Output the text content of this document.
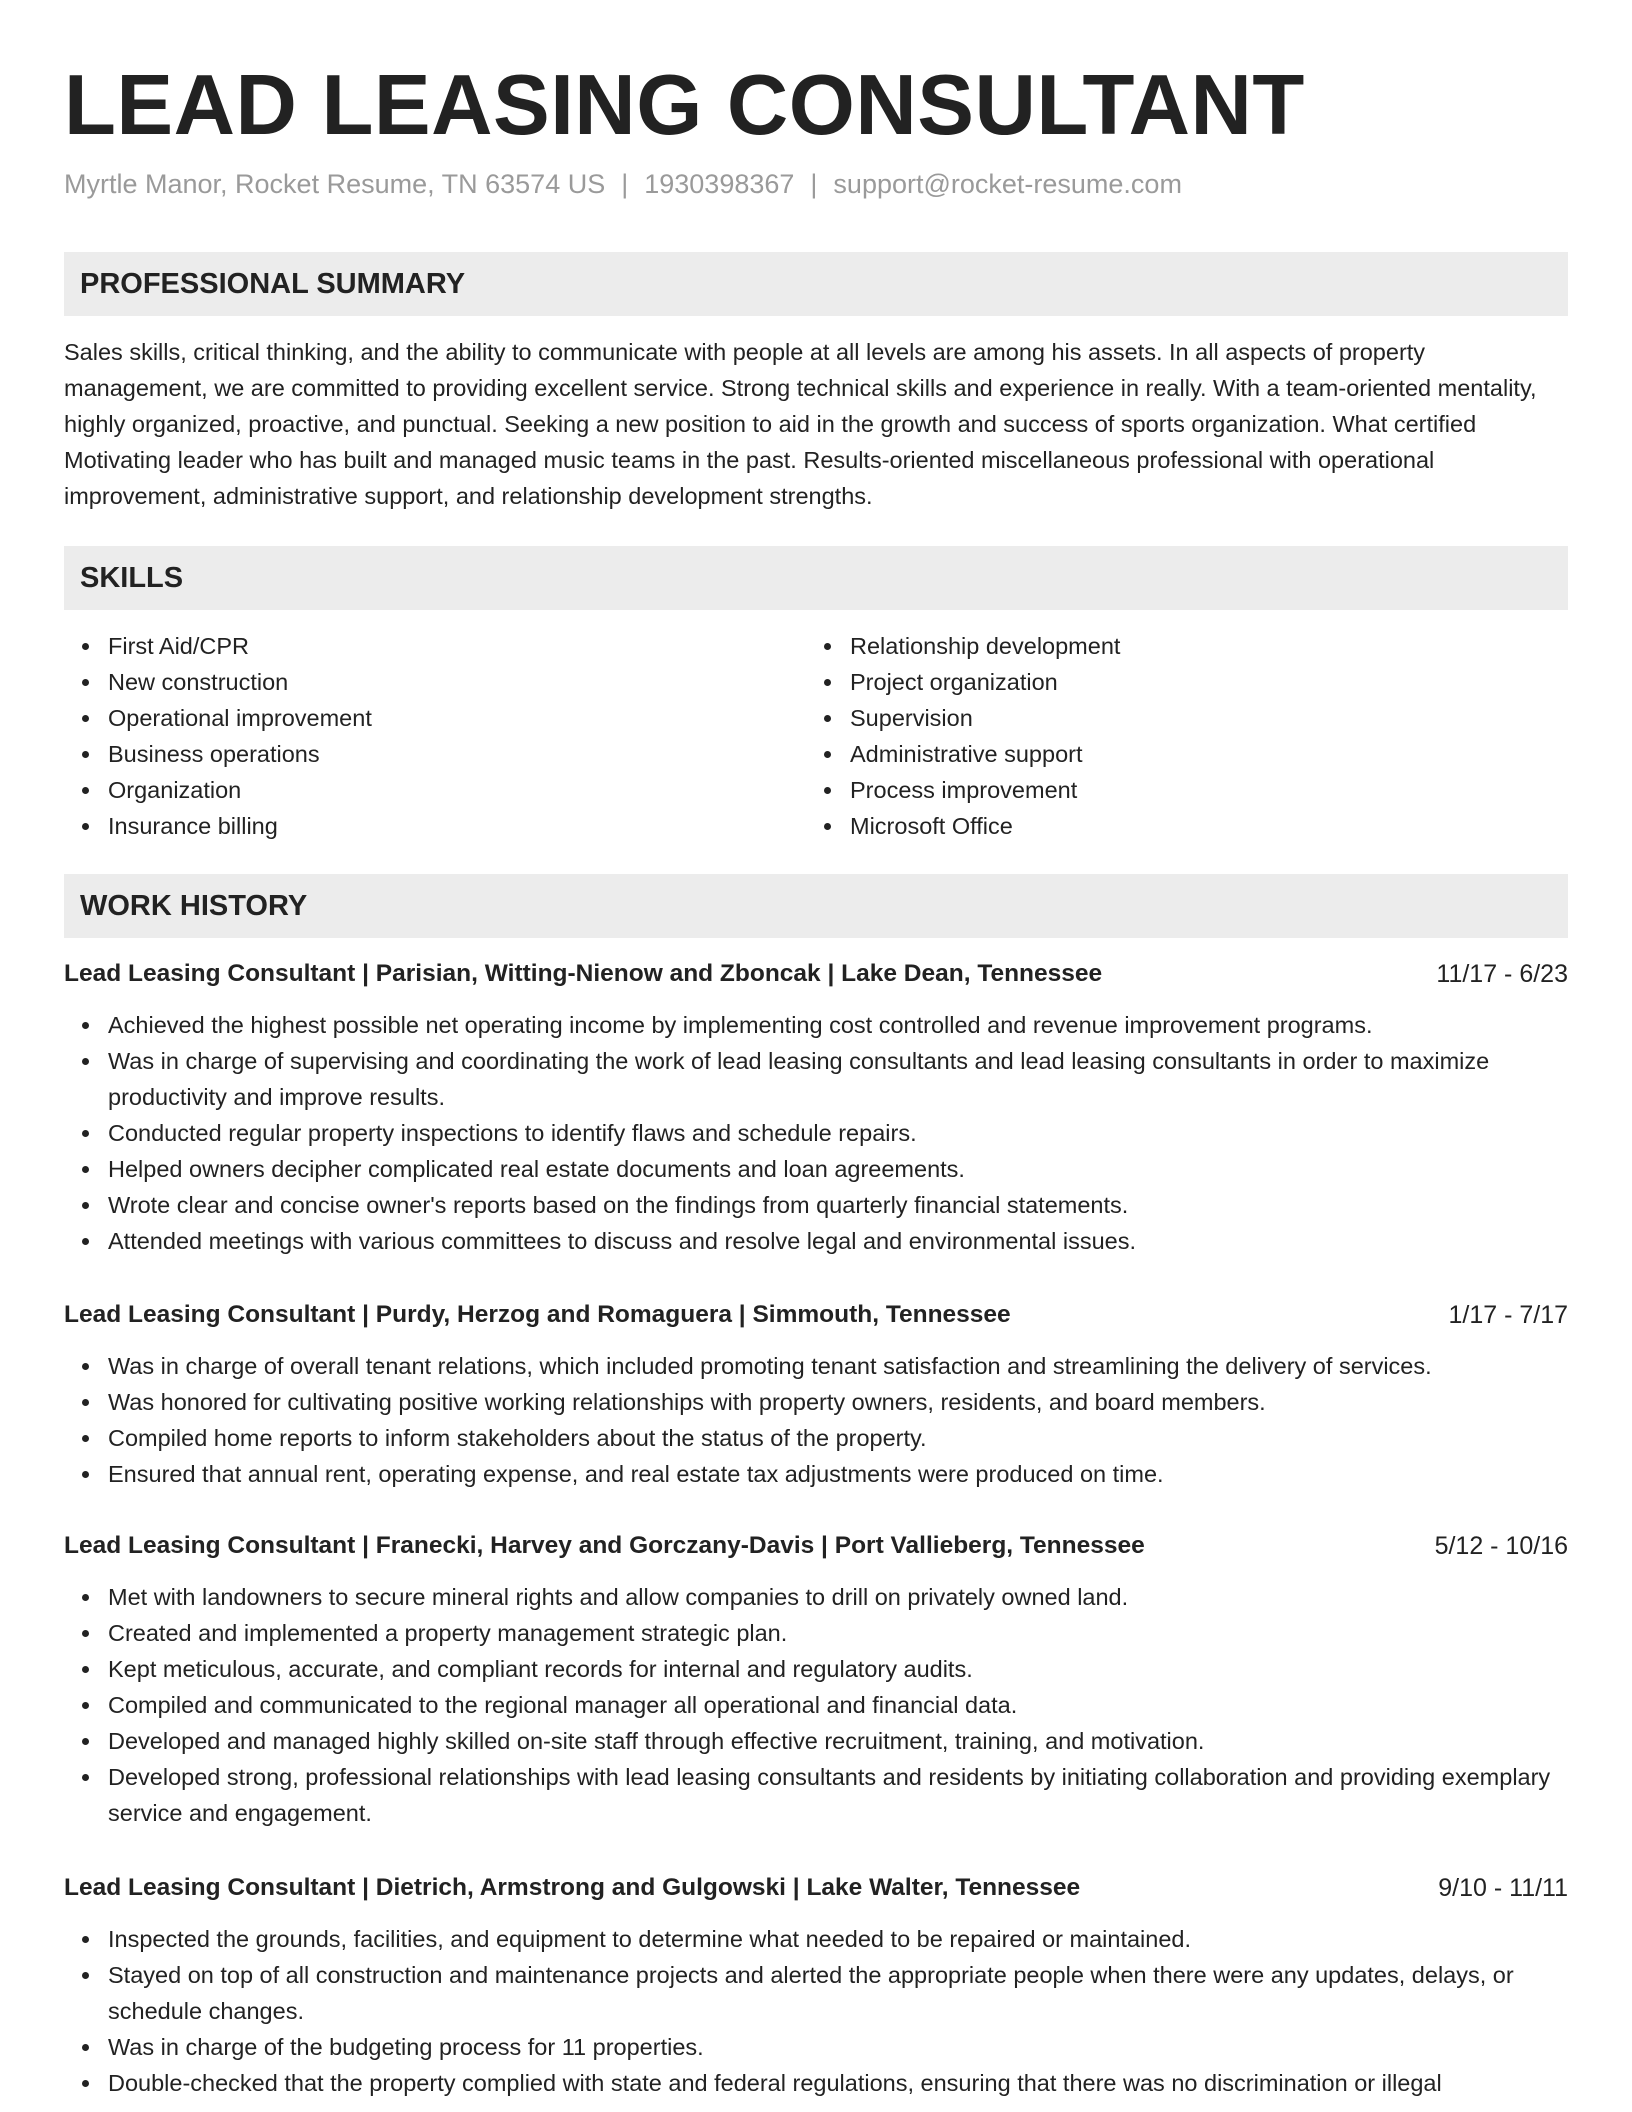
LEAD LEASING CONSULTANT
Myrtle Manor, Rocket Resume, TN 63574 US | 1930398367 | support@rocket-resume.com
PROFESSIONAL SUMMARY

Sales skills, critical thinking, and the ability to communicate with people at all levels are among his assets. In all aspects of property management, we are committed to providing excellent service. Strong technical skills and experience in really. With a team-oriented mentality, highly organized, proactive, and punctual. Seeking a new position to aid in the growth and success of sports organization. What certified Motivating leader who has built and managed music teams in the past. Results-oriented miscellaneous professional with operational improvement, administrative support, and relationship development strengths.

SKILLS
First Aid/CPR
New construction
Operational improvement
Business operations
Organization
Insurance billing
Relationship development
Project organization
Supervision
Administrative support
Process improvement
Microsoft Office
WORK HISTORY
Lead Leasing Consultant | Parisian, Witting-Nienow and Zboncak | Lake Dean, Tennessee	11/17 - 6/23
Achieved the highest possible net operating income by implementing cost controlled and revenue improvement programs.
Was in charge of supervising and coordinating the work of lead leasing consultants and lead leasing consultants in order to maximize productivity and improve results.
Conducted regular property inspections to identify flaws and schedule repairs.
Helped owners decipher complicated real estate documents and loan agreements.
Wrote clear and concise owner's reports based on the findings from quarterly financial statements.
Attended meetings with various committees to discuss and resolve legal and environmental issues.
Lead Leasing Consultant | Purdy, Herzog and Romaguera | Simmouth, Tennessee	1/17 - 7/17
Was in charge of overall tenant relations, which included promoting tenant satisfaction and streamlining the delivery of services.
Was honored for cultivating positive working relationships with property owners, residents, and board members.
Compiled home reports to inform stakeholders about the status of the property.
Ensured that annual rent, operating expense, and real estate tax adjustments were produced on time.
Lead Leasing Consultant | Franecki, Harvey and Gorczany-Davis | Port Vallieberg, Tennessee	5/12 - 10/16
Met with landowners to secure mineral rights and allow companies to drill on privately owned land.
Created and implemented a property management strategic plan.
Kept meticulous, accurate, and compliant records for internal and regulatory audits.
Compiled and communicated to the regional manager all operational and financial data.
Developed and managed highly skilled on-site staff through effective recruitment, training, and motivation.
Developed strong, professional relationships with lead leasing consultants and residents by initiating collaboration and providing exemplary service and engagement.
Lead Leasing Consultant | Dietrich, Armstrong and Gulgowski | Lake Walter, Tennessee	9/10 - 11/11
Inspected the grounds, facilities, and equipment to determine what needed to be repaired or maintained.
Stayed on top of all construction and maintenance projects and alerted the appropriate people when there were any updates, delays, or schedule changes.
Was in charge of the budgeting process for 11 properties.
Double-checked that the property complied with state and federal regulations, ensuring that there was no discrimination or illegal
